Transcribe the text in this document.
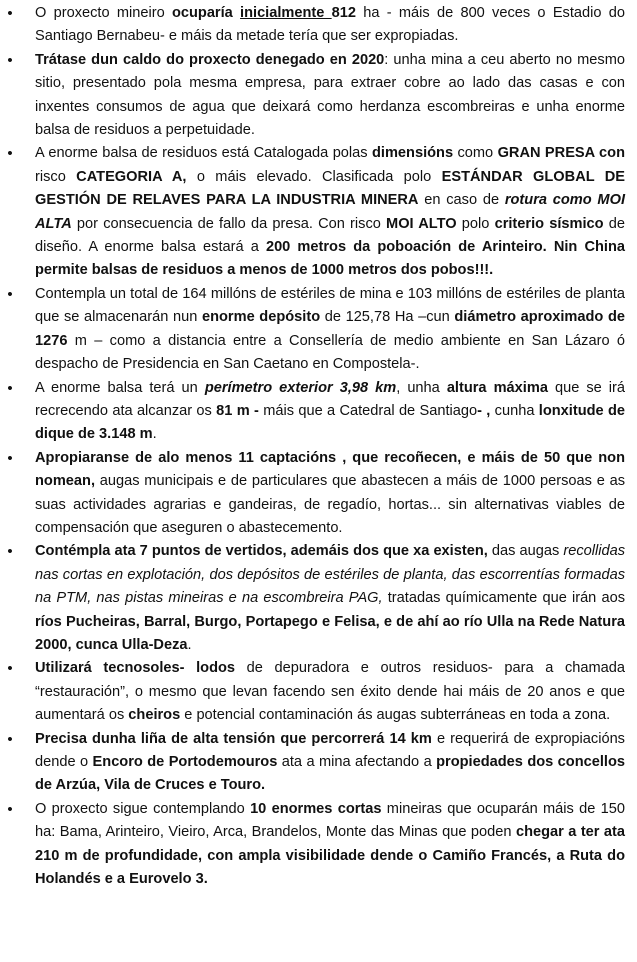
• O proxecto mineiro ocuparía inicialmente 812 ha - máis de 800 veces o Estadio do Santiago Bernabeu- e máis da metade tería que ser expropiadas.
• Trátase dun caldo do proxecto denegado en 2020: unha mina a ceu aberto no mesmo sitio, presentado pola mesma empresa, para extraer cobre ao lado das casas e con inxentes consumos de agua que deixará como herdanza escombreiras e unha enorme balsa de residuos a perpetuidade.
• A enorme balsa de residuos está Catalogada polas dimensións como GRAN PRESA con risco CATEGORIA A, o máis elevado. Clasificada polo ESTÁNDAR GLOBAL DE GESTIÓN DE RELAVES PARA LA INDUSTRIA MINERA en caso de rotura como MOI ALTA por consecuencia de fallo da presa. Con risco MOI ALTO polo criterio sísmico de diseño. A enorme balsa estará a 200 metros da poboación de Arinteiro. Nin China permite balsas de residuos a menos de 1000 metros dos pobos!!!.
• Contempla un total de 164 millóns de estériles de mina e 103 millóns de estériles de planta que se almacenarán nun enorme depósito de 125,78 Ha –cun diámetro aproximado de 1276 m – como a distancia entre a Consellería de medio ambiente en San Lázaro ó despacho de Presidencia en San Caetano en Compostela-.
• A enorme balsa terá un perímetro exterior 3,98 km, unha altura máxima que se irá recrecendo ata alcanzar os 81 m - máis que a Catedral de Santiago- , cunha lonxitude de dique de 3.148 m.
• Apropiaranse de alo menos 11 captacións , que recoñecen, e máis de 50 que non nomean, augas municipais e de particulares que abastecen a máis de 1000 persoas e as suas actividades agrarias e gandeiras, de regadío, hortas... sin alternativas viables de compensación que aseguren o abastecemento.
• Contémpla ata 7 puntos de vertidos, ademáis dos que xa existen, das augas recollidas nas cortas en explotación, dos depósitos de estériles de planta, das escorrentías formadas na PTM, nas pistas mineiras e na escombreira PAG, tratadas químicamente que irán aos ríos Pucheiras, Barral, Burgo, Portapego e Felisa, e de ahí ao río Ulla na Rede Natura 2000, cunca Ulla-Deza.
• Utilizará tecnosoles- lodos de depuradora e outros residuos- para a chamada “restauración”, o mesmo que levan facendo sen éxito dende hai máis de 20 anos e que aumentará os cheiros e potencial contaminación ás augas subterráneas en toda a zona.
• Precisa dunha liña de alta tensión que percorrerá 14 km e requerirá de expropiacións dende o Encoro de Portodemouros ata a mina afectando a propiedades dos concellos de Arzúa, Vila de Cruces e Touro.
• O proxecto sigue contemplando 10 enormes cortas mineiras que ocuparán máis de 150 ha: Bama, Arinteiro, Vieiro, Arca, Brandelos, Monte das Minas que poden chegar a ter ata 210 m de profundidade, con ampla visibilidade dende o Camiño Francés, a Ruta do Holandés e a Eurovelo 3.
